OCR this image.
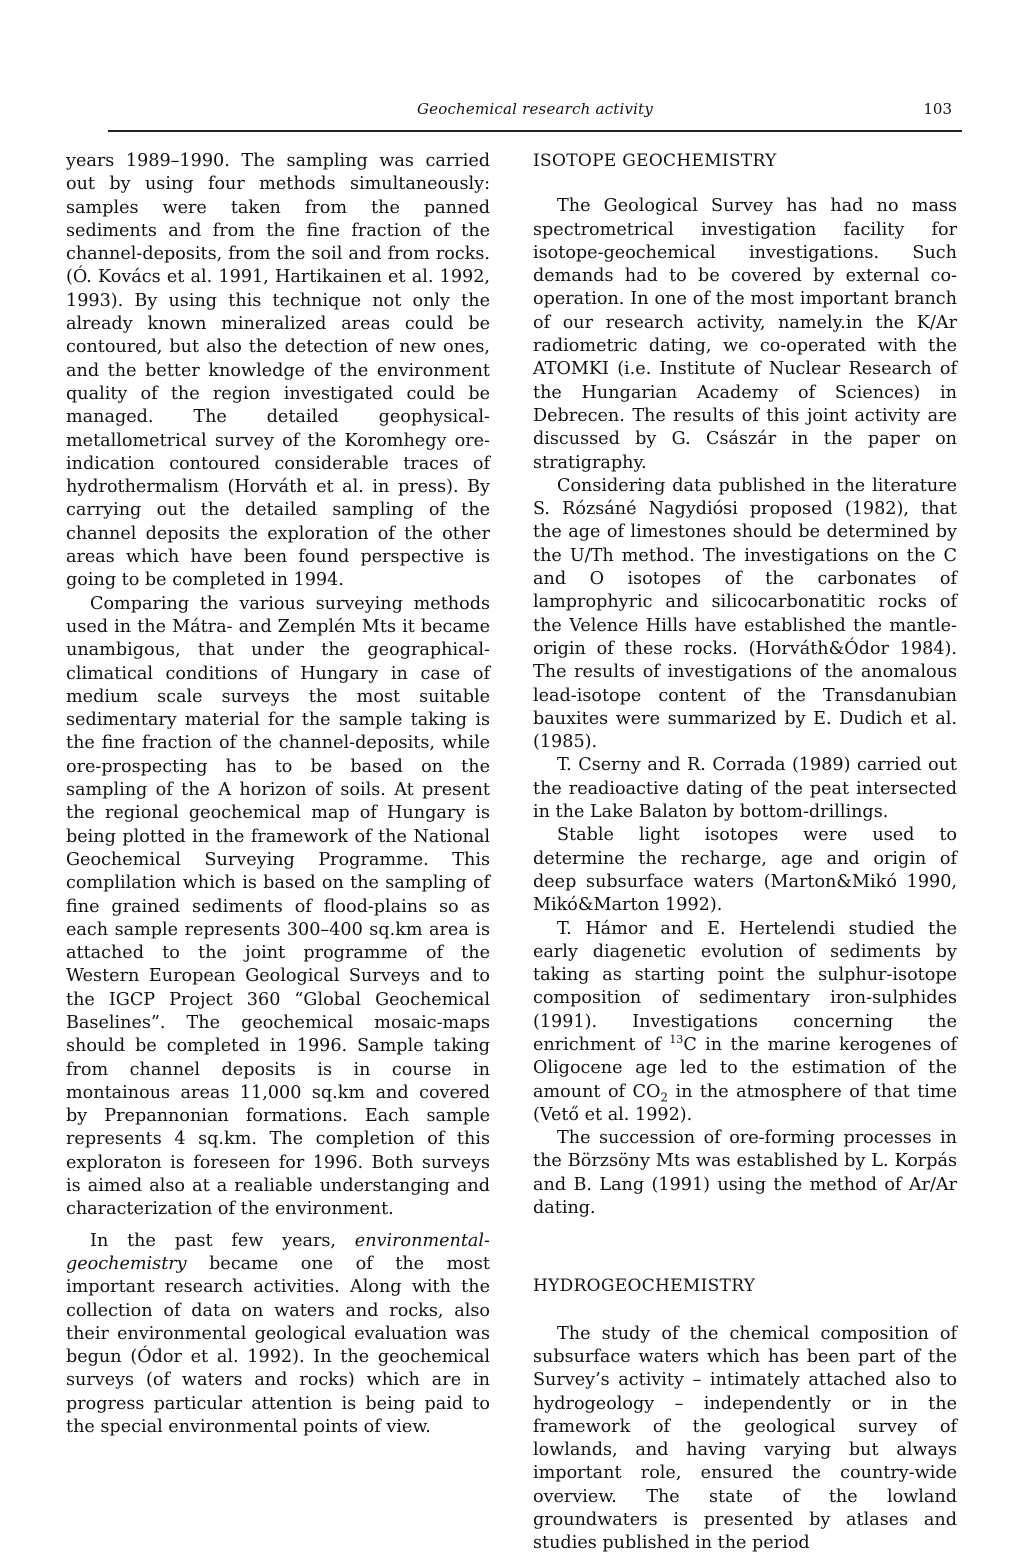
Geochemical research activity	103

years 1989–1990. The sampling was carried out by using four methods simultaneously: samples were taken from the panned sediments and from the fine fraction of the channel-deposits, from the soil and from rocks. (Ó. Kovács et al. 1991, Hartikainen et al. 1992, 1993). By using this technique not only the already known mineralized areas could be contoured, but also the detection of new ones, and the better knowledge of the environment quality of the region investigated could be managed. The detailed geophysical-metallometrical survey of the Koromhegy ore-indication contoured considerable traces of hydrothermalism (Horváth et al. in press). By carrying out the detailed sampling of the channel deposits the exploration of the other areas which have been found perspective is going to be completed in 1994.

Comparing the various surveying methods used in the Mátra- and Zemplén Mts it became unambigous, that under the geographical-climatical conditions of Hungary in case of medium scale surveys the most suitable sedimentary material for the sample taking is the fine fraction of the channel-deposits, while ore-prospecting has to be based on the sampling of the A horizon of soils. At present the regional geochemical map of Hungary is being plotted in the framework of the National Geochemical Surveying Programme. This complilation which is based on the sampling of fine grained sediments of flood-plains so as each sample represents 300–400 sq.km area is attached to the joint programme of the Western European Geological Surveys and to the IGCP Project 360 “Global Geochemical Baselines”. The geochemical mosaic-maps should be completed in 1996. Sample taking from channel deposits is in course in montainous areas 11,000 sq.km and covered by Prepannonian formations. Each sample represents 4 sq.km. The completion of this exploraton is foreseen for 1996. Both surveys is aimed also at a realiable understanging and characterization of the environment.

In the past few years, environmental-geochemistry became one of the most important research activities. Along with the collection of data on waters and rocks, also their environmental geological evaluation was begun (Ódor et al. 1992). In the geochemical surveys (of waters and rocks) which are in progress particular attention is being paid to the special environmental points of view.

ISOTOPE GEOCHEMISTRY

The Geological Survey has had no mass spectrometrical investigation facility for isotope-geochemical investigations. Such demands had to be covered by external co-operation. In one of the most important branch of our research activity, namely.in the K/Ar radiometric dating, we co-operated with the ATOMKI (i.e. Institute of Nuclear Research of the Hungarian Academy of Sciences) in Debrecen. The results of this joint activity are discussed by G. Császár in the paper on stratigraphy.

Considering data published in the literature S. Rózsáné Nagydiósi proposed (1982), that the age of limestones should be determined by the U/Th method. The investigations on the C and O isotopes of the carbonates of lamprophyric and silicocarbonatitic rocks of the Velence Hills have established the mantle-origin of these rocks. (Horváth&Ódor 1984). The results of investigations of the anomalous lead-isotope content of the Transdanubian bauxites were summarized by E. Dudich et al. (1985).

T. Cserny and R. Corrada (1989) carried out the readioactive dating of the peat intersected in the Lake Balaton by bottom-drillings.

Stable light isotopes were used to determine the recharge, age and origin of deep subsurface waters (Marton&Mikó 1990, Mikó&Marton 1992).

T. Hámor and E. Hertelendi studied the early diagenetic evolution of sediments by taking as starting point the sulphur-isotope composition of sedimentary iron-sulphides (1991). Investigations concerning the enrichment of $^{13}$C in the marine kerogenes of Oligocene age led to the estimation of the amount of $CO_2$ in the atmosphere of that time (Vető et al. 1992).

The succession of ore-forming processes in the Börzsöny Mts was established by L. Korpás and B. Lang (1991) using the method of Ar/Ar dating.

HYDROGEOCHEMISTRY

The study of the chemical composition of subsurface waters which has been part of the Survey’s activity – intimately attached also to hydrogeology – independently or in the framework of the geological survey of lowlands, and having varying but always important role, ensured the country-wide overview. The state of the lowland groundwaters is presented by atlases and studies published in the period
